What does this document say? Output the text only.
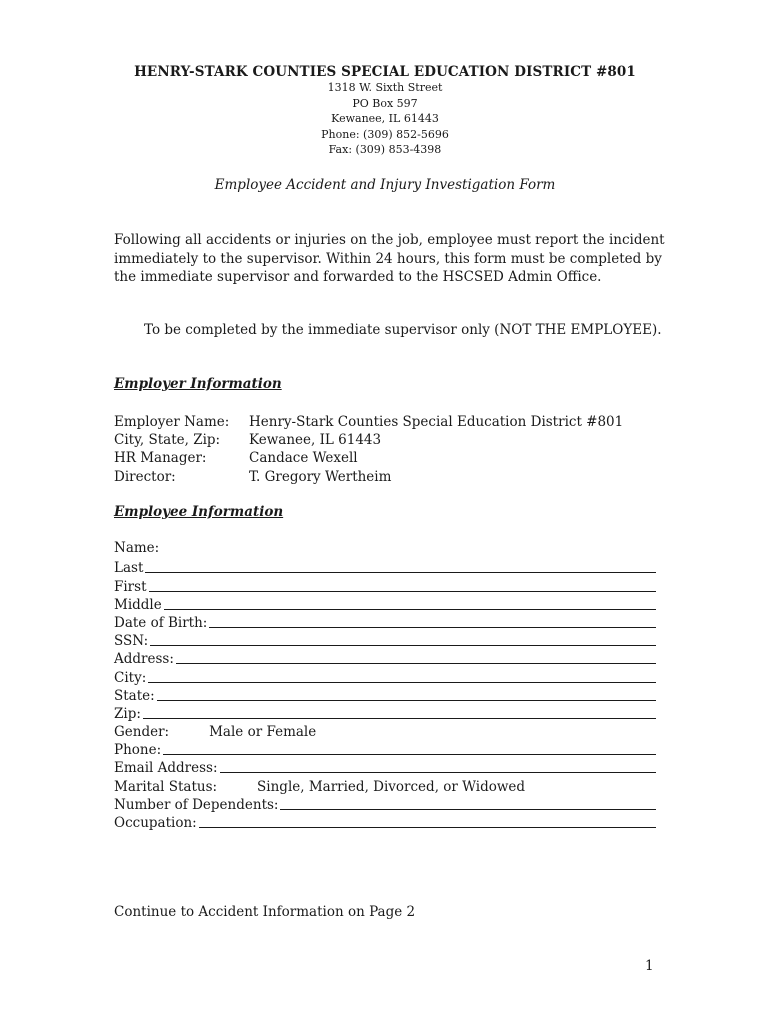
HENRY-STARK COUNTIES SPECIAL EDUCATION DISTRICT #801
1318 W. Sixth Street
PO Box 597
Kewanee, IL 61443
Phone: (309) 852-5696
Fax: (309) 853-4398
Employee Accident and Injury Investigation Form
Following all accidents or injuries on the job, employee must report the incident immediately to the supervisor. Within 24 hours, this form must be completed by the immediate supervisor and forwarded to the HSCSED Admin Office.
To be completed by the immediate supervisor only (NOT THE EMPLOYEE).
Employer Information
Employer Name:	Henry-Stark Counties Special Education District #801
City, State, Zip:	Kewanee, IL 61443
HR Manager:	Candace Wexell
Director:	T. Gregory Wertheim
Employee Information
Name:
Last
First
Middle
Date of Birth:
SSN:
Address:
City:
State:
Zip:
Gender:	Male or Female
Phone:
Email Address:
Marital Status:	Single, Married, Divorced, or Widowed
Number of Dependents:
Occupation:
Continue to Accident Information on Page 2
1
